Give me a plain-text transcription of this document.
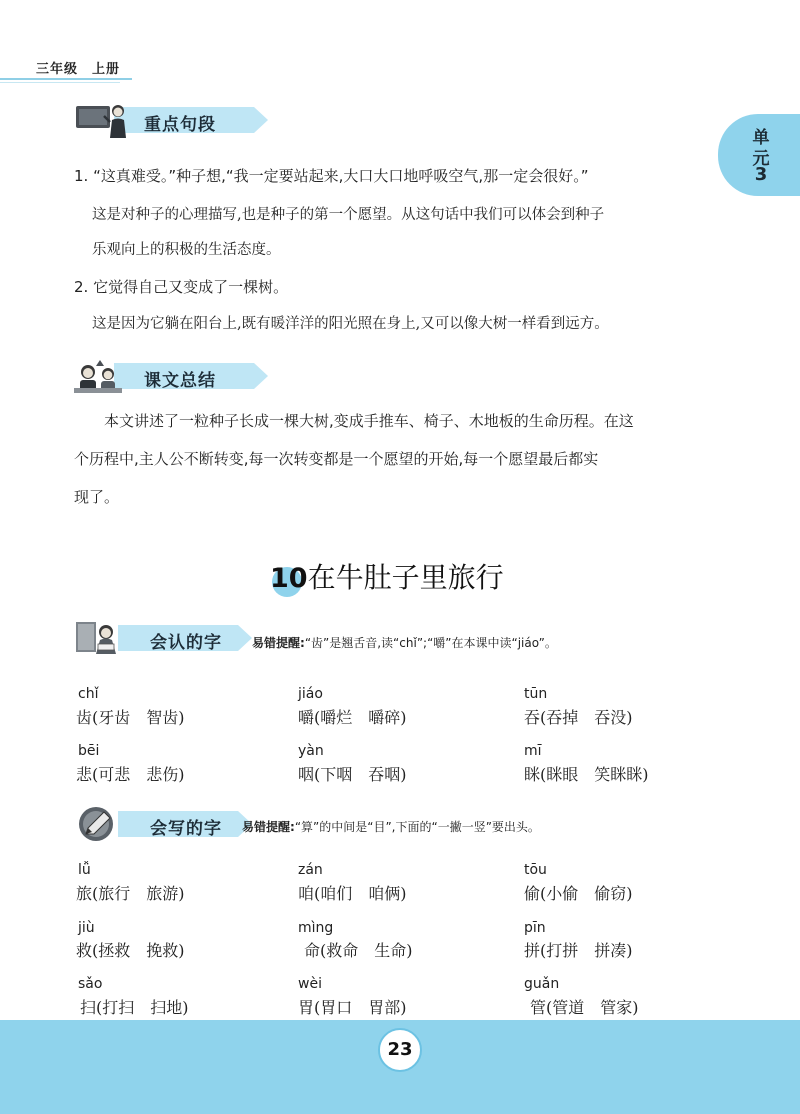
三年级 上册
单
元
3
重点句段
1. “这真难受。”种子想,“我一定要站起来,大口大口地呼吸空气,那一定会很好。”
这是对种子的心理描写,也是种子的第一个愿望。从这句话中我们可以体会到种子
乐观向上的积极的生活态度。
2. 它觉得自己又变成了一棵树。
这是因为它躺在阳台上,既有暖洋洋的阳光照在身上,又可以像大树一样看到远方。
课文总结
本文讲述了一粒种子长成一棵大树,变成手推车、椅子、木地板的生命历程。在这
个历程中,主人公不断转变,每一次转变都是一个愿望的开始,每一个愿望最后都实
现了。
10在牛肚子里旅行
会认的字	易错提醒:“齿”是翘舌音,读“chǐ”;“嚼”在本课中读“jiáo”。
chǐ
齿(牙齿　智齿)
jiáo
嚼(嚼烂　嚼碎)
tūn
吞(吞掉　吞没)
bēi
悲(可悲　悲伤)
yàn
咽(下咽　吞咽)
mī
眯(眯眼　笑眯眯)
会写的字 易错提醒:“算”的中间是“目”,下面的“一撇一竖”要出头。
lǚ
旅(旅行　旅游)
zán
咱(咱们　咱俩)
tōu
偷(小偷　偷窃)
jiù
救(拯救　挽救)
mìng
命(救命　生命)
pīn
拼(打拼　拼凑)
sǎo
扫(打扫　扫地)
wèi
胃(胃口　胃部)
guǎn
管(管道　管家)
23
